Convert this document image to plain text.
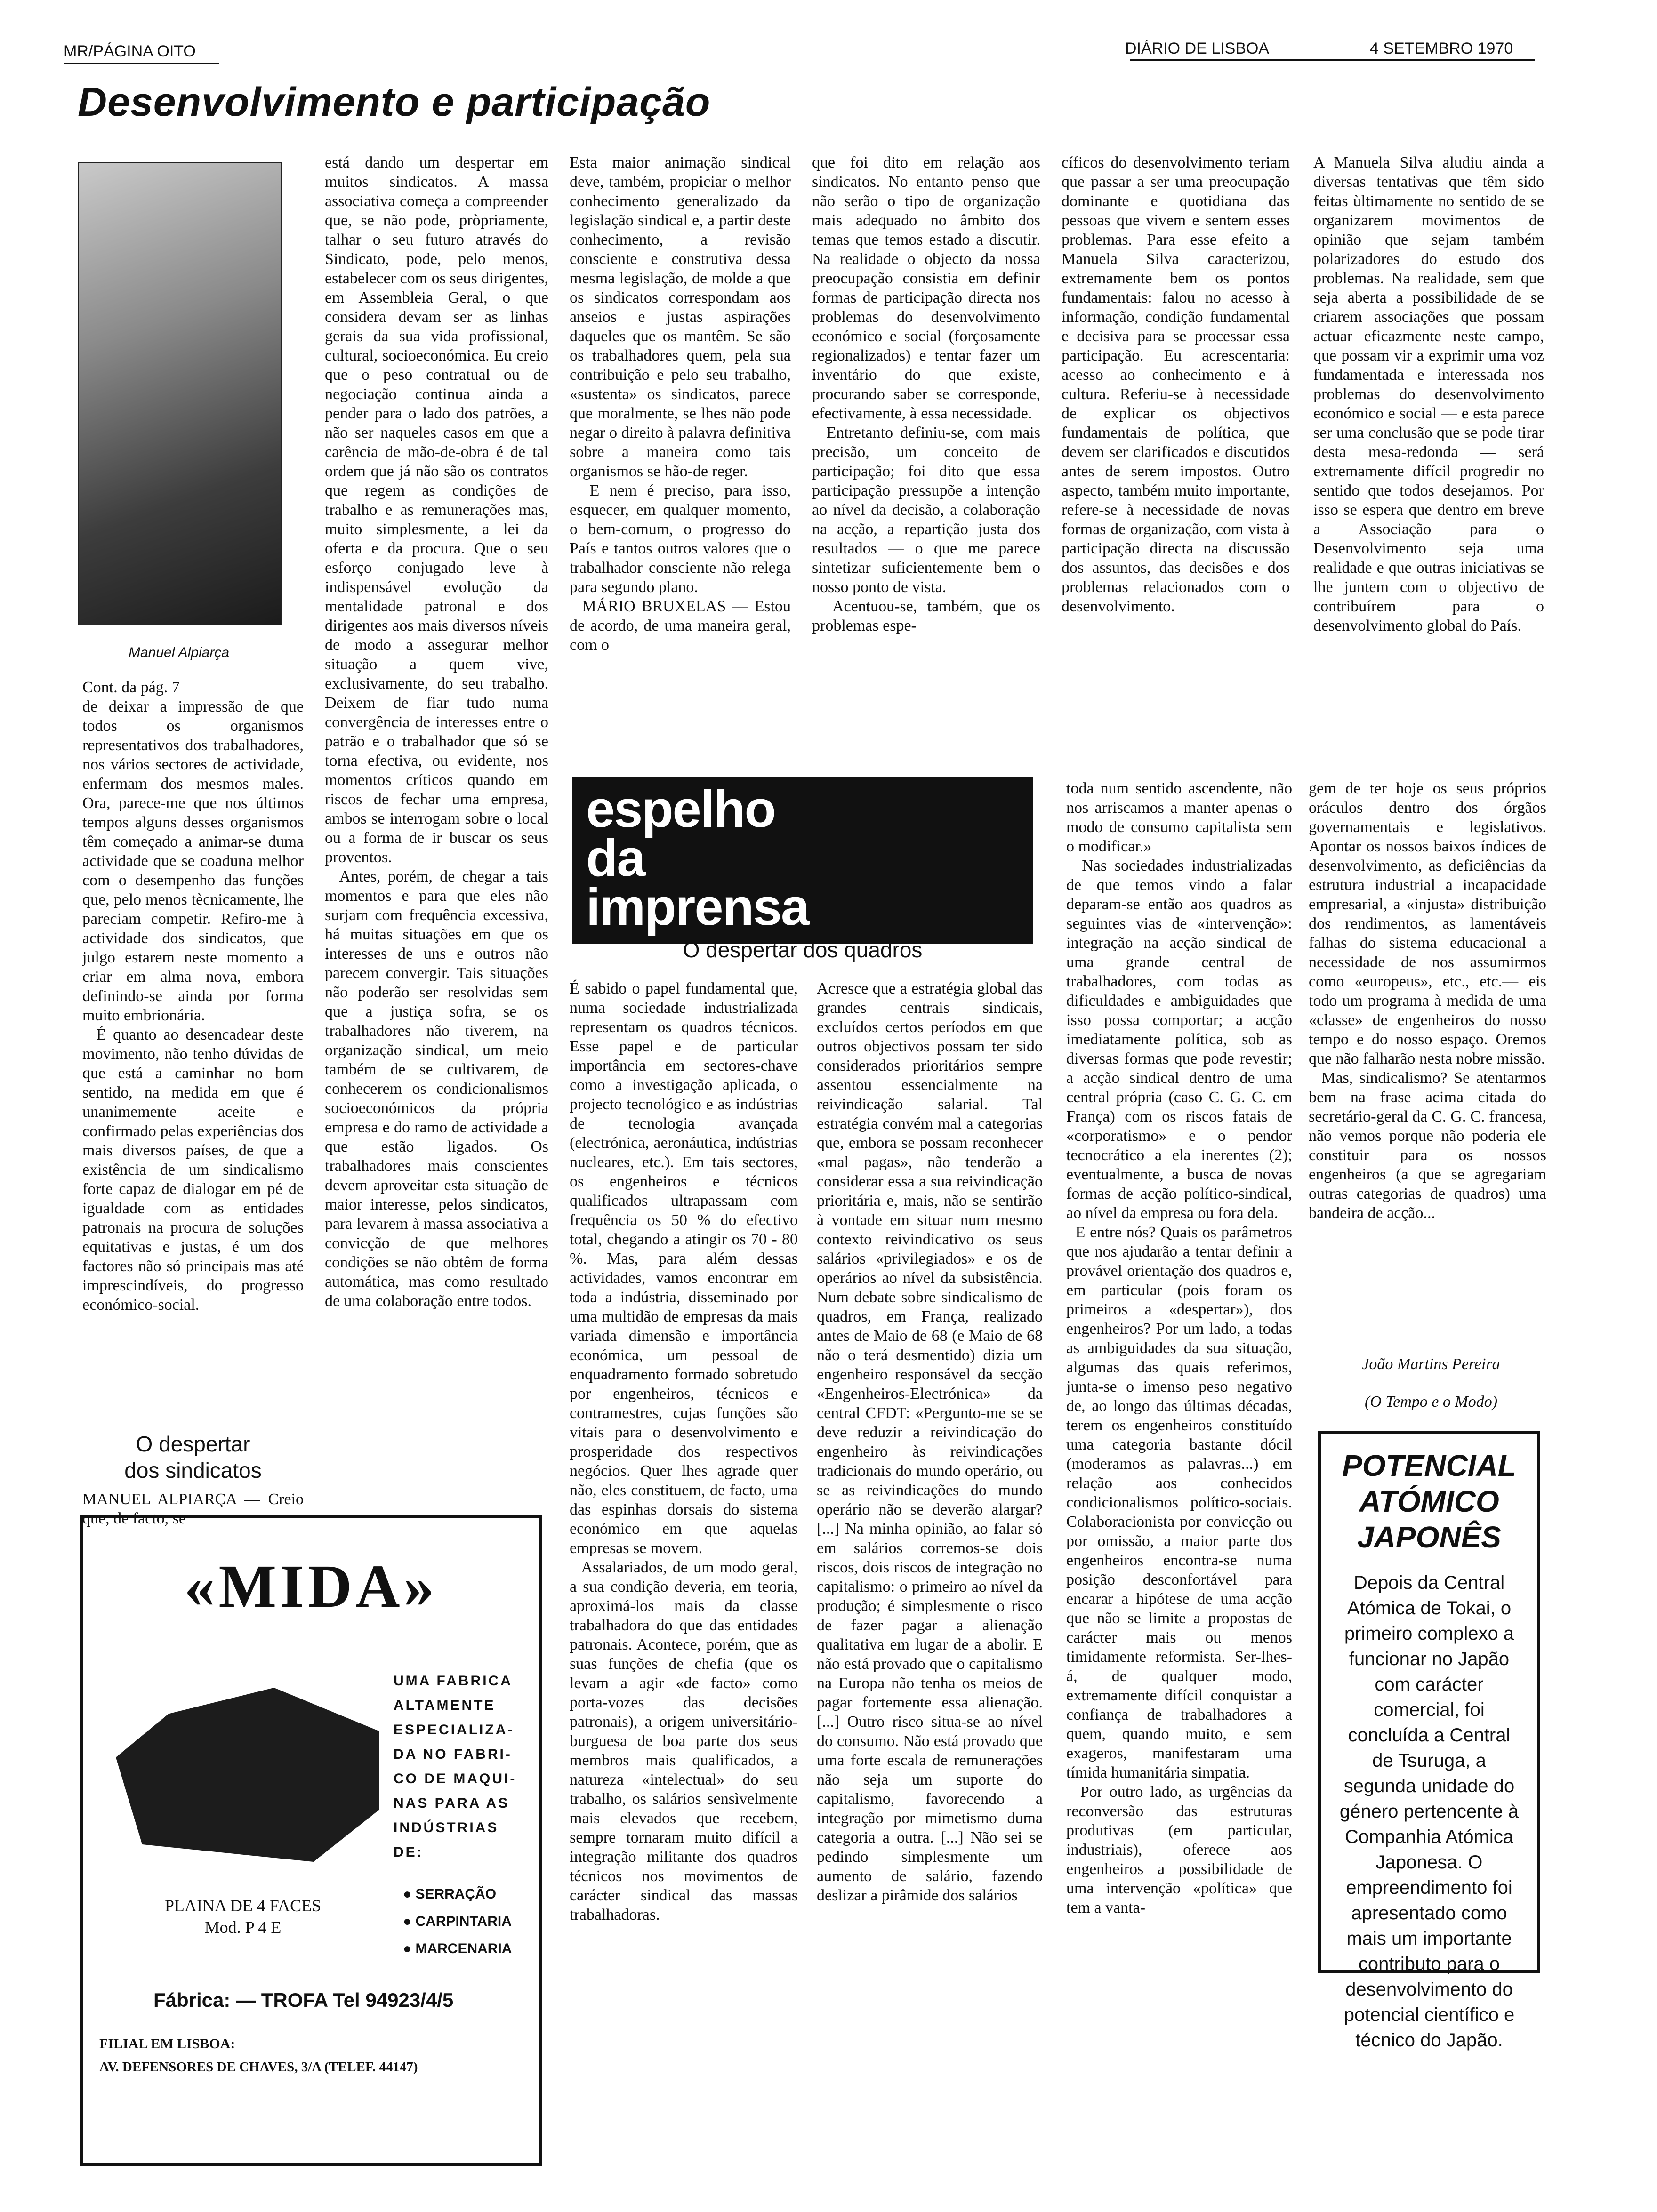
MR/PÁGINA OITO	DIÁRIO DE LISBOA	4 SETEMBRO 1970
Desenvolvimento e participação
Manuel Alpiarça
Cont. da pág. 7
de deixar a impressão de que todos os organismos representativos dos trabalhadores, nos vários sectores de actividade, enfermam dos mesmos males. Ora, parece-me que nos últimos tempos alguns desses organismos têm começado a animar-se duma actividade que se coaduna melhor com o desempenho das funções que, pelo menos tècnicamente, lhe pareciam competir. Refiro-me à actividade dos sindicatos, que julgo estarem neste momento a criar em alma nova, embora definindo-se ainda por forma muito embrionária.
É quanto ao desencadear deste movimento, não tenho dúvidas de que está a caminhar no bom sentido, na medida em que é unanimemente aceite e confirmado pelas experiências dos mais diversos países, de que a existência de um sindicalismo forte capaz de dialogar em pé de igualdade com as entidades patronais na procura de soluções equitativas e justas, é um dos factores não só principais mas até imprescindíveis, do progresso económico-social.
O despertar
dos sindicatos
MANUEL ALPIARÇA — Creio que, de facto, se
está dando um despertar em muitos sindicatos. A massa associativa começa a compreender que, se não pode, pròpriamente, talhar o seu futuro através do Sindicato, pode, pelo menos, estabelecer com os seus dirigentes, em Assembleia Geral, o que considera devam ser as linhas gerais da sua vida profissional, cultural, socioeconómica. Eu creio que o peso contratual ou de negociação continua ainda a pender para o lado dos patrões, a não ser naqueles casos em que a carência de mão-de-obra é de tal ordem que já não são os contratos que regem as condições de trabalho e as remunerações mas, muito simplesmente, a lei da oferta e da procura. Que o seu esforço conjugado leve à indispensável evolução da mentalidade patronal e dos dirigentes aos mais diversos níveis de modo a assegurar melhor situação a quem vive, exclusivamente, do seu trabalho. Deixem de fiar tudo numa convergência de interesses entre o patrão e o trabalhador que só se torna efectiva, ou evidente, nos momentos críticos quando em riscos de fechar uma empresa, ambos se interrogam sobre o local ou a forma de ir buscar os seus proventos.
Antes, porém, de chegar a tais momentos e para que eles não surjam com frequência excessiva, há muitas situações em que os interesses de uns e outros não parecem convergir. Tais situações não poderão ser resolvidas sem que a justiça sofra, se os trabalhadores não tiverem, na organização sindical, um meio também de se cultivarem, de conhecerem os condicionalismos socioeconómicos da própria empresa e do ramo de actividade a que estão ligados. Os trabalhadores mais conscientes devem aproveitar esta situação de maior interesse, pelos sindicatos, para levarem à massa associativa a convicção de que melhores condições se não obtêm de forma automática, mas como resultado de uma colaboração entre todos.
Esta maior animação sindical deve, também, propiciar o melhor conhecimento generalizado da legislação sindical e, a partir deste conhecimento, a revisão consciente e construtiva dessa mesma legislação, de molde a que os sindicatos correspondam aos anseios e justas aspirações daqueles que os mantêm. Se são os trabalhadores quem, pela sua contribuição e pelo seu trabalho, «sustenta» os sindicatos, parece que moralmente, se lhes não pode negar o direito à palavra definitiva sobre a maneira como tais organismos se hão-de reger.
E nem é preciso, para isso, esquecer, em qualquer momento, o bem-comum, o progresso do País e tantos outros valores que o trabalhador consciente não relega para segundo plano.
MÁRIO BRUXELAS — Estou de acordo, de uma maneira geral, com o
que foi dito em relação aos sindicatos. No entanto penso que não serão o tipo de organização mais adequado no âmbito dos temas que temos estado a discutir. Na realidade o objecto da nossa preocupação consistia em definir formas de participação directa nos problemas do desenvolvimento económico e social (forçosamente regionalizados) e tentar fazer um inventário do que existe, procurando saber se corresponde, efectivamente, à essa necessidade.
Entretanto definiu-se, com mais precisão, um conceito de participação; foi dito que essa participação pressupõe a intenção ao nível da decisão, a colaboração na acção, a repartição justa dos resultados — o que me parece sintetizar suficientemente bem o nosso ponto de vista.
Acentuou-se, também, que os problemas espe-
cíficos do desenvolvimento teriam que passar a ser uma preocupação dominante e quotidiana das pessoas que vivem e sentem esses problemas. Para esse efeito a Manuela Silva caracterizou, extremamente bem os pontos fundamentais: falou no acesso à informação, condição fundamental e decisiva para se processar essa participação. Eu acrescentaria: acesso ao conhecimento e à cultura. Referiu-se à necessidade de explicar os objectivos fundamentais de política, que devem ser clarificados e discutidos antes de serem impostos. Outro aspecto, também muito importante, refere-se à necessidade de novas formas de organização, com vista à participação directa na discussão dos assuntos, das decisões e dos problemas relacionados com o desenvolvimento.
A Manuela Silva aludiu ainda a diversas tentativas que têm sido feitas ùltimamente no sentido de se organizarem movimentos de opinião que sejam também polarizadores do estudo dos problemas. Na realidade, sem que seja aberta a possibilidade de se criarem associações que possam actuar eficazmente neste campo, que possam vir a exprimir uma voz fundamentada e interessada nos problemas do desenvolvimento económico e social — e esta parece ser uma conclusão que se pode tirar desta mesa-redonda — será extremamente difícil progredir no sentido que todos desejamos. Por isso se espera que dentro em breve a Associação para o Desenvolvimento seja uma realidade e que outras iniciativas se lhe juntem com o objectivo de contribuírem para o desenvolvimento global do País.
espelho
da
imprensa
O despertar dos quadros
É sabido o papel fundamental que, numa sociedade industrializada representam os quadros técnicos. Esse papel e de particular importância em sectores-chave como a investigação aplicada, o projecto tecnológico e as indústrias de tecnologia avançada (electrónica, aeronáutica, indústrias nucleares, etc.). Em tais sectores, os engenheiros e técnicos qualificados ultrapassam com frequência os 50 % do efectivo total, chegando a atingir os 70 - 80 %. Mas, para além dessas actividades, vamos encontrar em toda a indústria, disseminado por uma multidão de empresas da mais variada dimensão e importância económica, um pessoal de enquadramento formado sobretudo por engenheiros, técnicos e contramestres, cujas funções são vitais para o desenvolvimento e prosperidade dos respectivos negócios. Quer lhes agrade quer não, eles constituem, de facto, uma das espinhas dorsais do sistema económico em que aquelas empresas se movem.
Assalariados, de um modo geral, a sua condição deveria, em teoria, aproximá-los mais da classe trabalhadora do que das entidades patronais. Acontece, porém, que as suas funções de chefia (que os levam a agir «de facto» como porta-vozes das decisões patronais), a origem universitário-burguesa de boa parte dos seus membros mais qualificados, a natureza «intelectual» do seu trabalho, os salários sensìvelmente mais elevados que recebem, sempre tornaram muito difícil a integração militante dos quadros técnicos nos movimentos de carácter sindical das massas trabalhadoras.
Acresce que a estratégia global das grandes centrais sindicais, excluídos certos períodos em que outros objectivos possam ter sido considerados prioritários sempre assentou essencialmente na reivindicação salarial. Tal estratégia convém mal a categorias que, embora se possam reconhecer «mal pagas», não tenderão a considerar essa a sua reivindicação prioritária e, mais, não se sentirão à vontade em situar num mesmo contexto reivindicativo os seus salários «privilegiados» e os de operários ao nível da subsistência. Num debate sobre sindicalismo de quadros, em França, realizado antes de Maio de 68 (e Maio de 68 não o terá desmentido) dizia um engenheiro responsável da secção «Engenheiros-Electrónica» da central CFDT: «Pergunto-me se se deve reduzir a reivindicação do engenheiro às reivindicações tradicionais do mundo operário, ou se as reivindicações do mundo operário não se deverão alargar? [...] Na minha opinião, ao falar só em salários corremos-se dois riscos, dois riscos de integração no capitalismo: o primeiro ao nível da produção; é simplesmente o risco de fazer pagar a alienação qualitativa em lugar de a abolir. E não está provado que o capitalismo na Europa não tenha os meios de pagar fortemente essa alienação. [...] Outro risco situa-se ao nível do consumo. Não está provado que uma forte escala de remunerações não seja um suporte do capitalismo, favorecendo a integração por mimetismo duma categoria a outra. [...] Não sei se pedindo simplesmente um aumento de salário, fazendo deslizar a pirâmide dos salários
toda num sentido ascendente, não nos arriscamos a manter apenas o modo de consumo capitalista sem o modificar.»
Nas sociedades industrializadas de que temos vindo a falar deparam-se então aos quadros as seguintes vias de «intervenção»: integração na acção sindical de uma grande central de trabalhadores, com todas as dificuldades e ambiguidades que isso possa comportar; a acção imediatamente política, sob as diversas formas que pode revestir; a acção sindical dentro de uma central própria (caso C. G. C. em França) com os riscos fatais de «corporatismo» e o pendor tecnocrático a ela inerentes (2); eventualmente, a busca de novas formas de acção político-sindical, ao nível da empresa ou fora dela.
E entre nós? Quais os parâmetros que nos ajudarão a tentar definir a provável orientação dos quadros e, em particular (pois foram os primeiros a «despertar»), dos engenheiros? Por um lado, a todas as ambiguidades da sua situação, algumas das quais referimos, junta-se o imenso peso negativo de, ao longo das últimas décadas, terem os engenheiros constituído uma categoria bastante dócil (moderamos as palavras...) em relação aos conhecidos condicionalismos político-sociais. Colaboracionista por convicção ou por omissão, a maior parte dos engenheiros encontra-se numa posição desconfortável para encarar a hipótese de uma acção que não se limite a propostas de carácter mais ou menos timidamente reformista. Ser-lhes-á, de qualquer modo, extremamente difícil conquistar a confiança de trabalhadores a quem, quando muito, e sem exageros, manifestaram uma tímida humanitária simpatia.
Por outro lado, as urgências da reconversão das estruturas produtivas (em particular, industriais), oferece aos engenheiros a possibilidade de uma intervenção «política» que tem a vanta-
gem de ter hoje os seus próprios oráculos dentro dos órgãos governamentais e legislativos. Apontar os nossos baixos índices de desenvolvimento, as deficiências da estrutura industrial a incapacidade empresarial, a «injusta» distribuição dos rendimentos, as lamentáveis falhas do sistema educacional a necessidade de nos assumirmos como «europeus», etc., etc.— eis todo um programa à medida de uma «classe» de engenheiros do nosso tempo e do nosso espaço. Oremos que não falharão nesta nobre missão.
Mas, sindicalismo? Se atentarmos bem na frase acima citada do secretário-geral da C. G. C. francesa, não vemos porque não poderia ele constituir para os nossos engenheiros (a que se agregariam outras categorias de quadros) uma bandeira de acção...
João Martins Pereira
(O Tempo e o Modo)
«MIDA»
UMA FABRICA
ALTAMENTE
ESPECIALIZA-
DA NO FABRI-
CO DE MAQUI-
NAS PARA AS
INDÚSTRIAS
DE:
● SERRAÇÃO
● CARPINTARIA
● MARCENARIA
PLAINA DE 4 FACES
Mod. P 4 E
Fábrica: — TROFA Tel 94923/4/5
FILIAL EM LISBOA:
AV. DEFENSORES DE CHAVES, 3/A (TELEF. 44147)
POTENCIAL
ATÓMICO
JAPONÊS
Depois da Central Atómica de Tokai, o primeiro complexo a funcionar no Japão com carácter comercial, foi concluída a Central de Tsuruga, a segunda unidade do género pertencente à Companhia Atómica Japonesa. O empreendimento foi apresentado como mais um importante contributo para o desenvolvimento do potencial científico e técnico do Japão.
